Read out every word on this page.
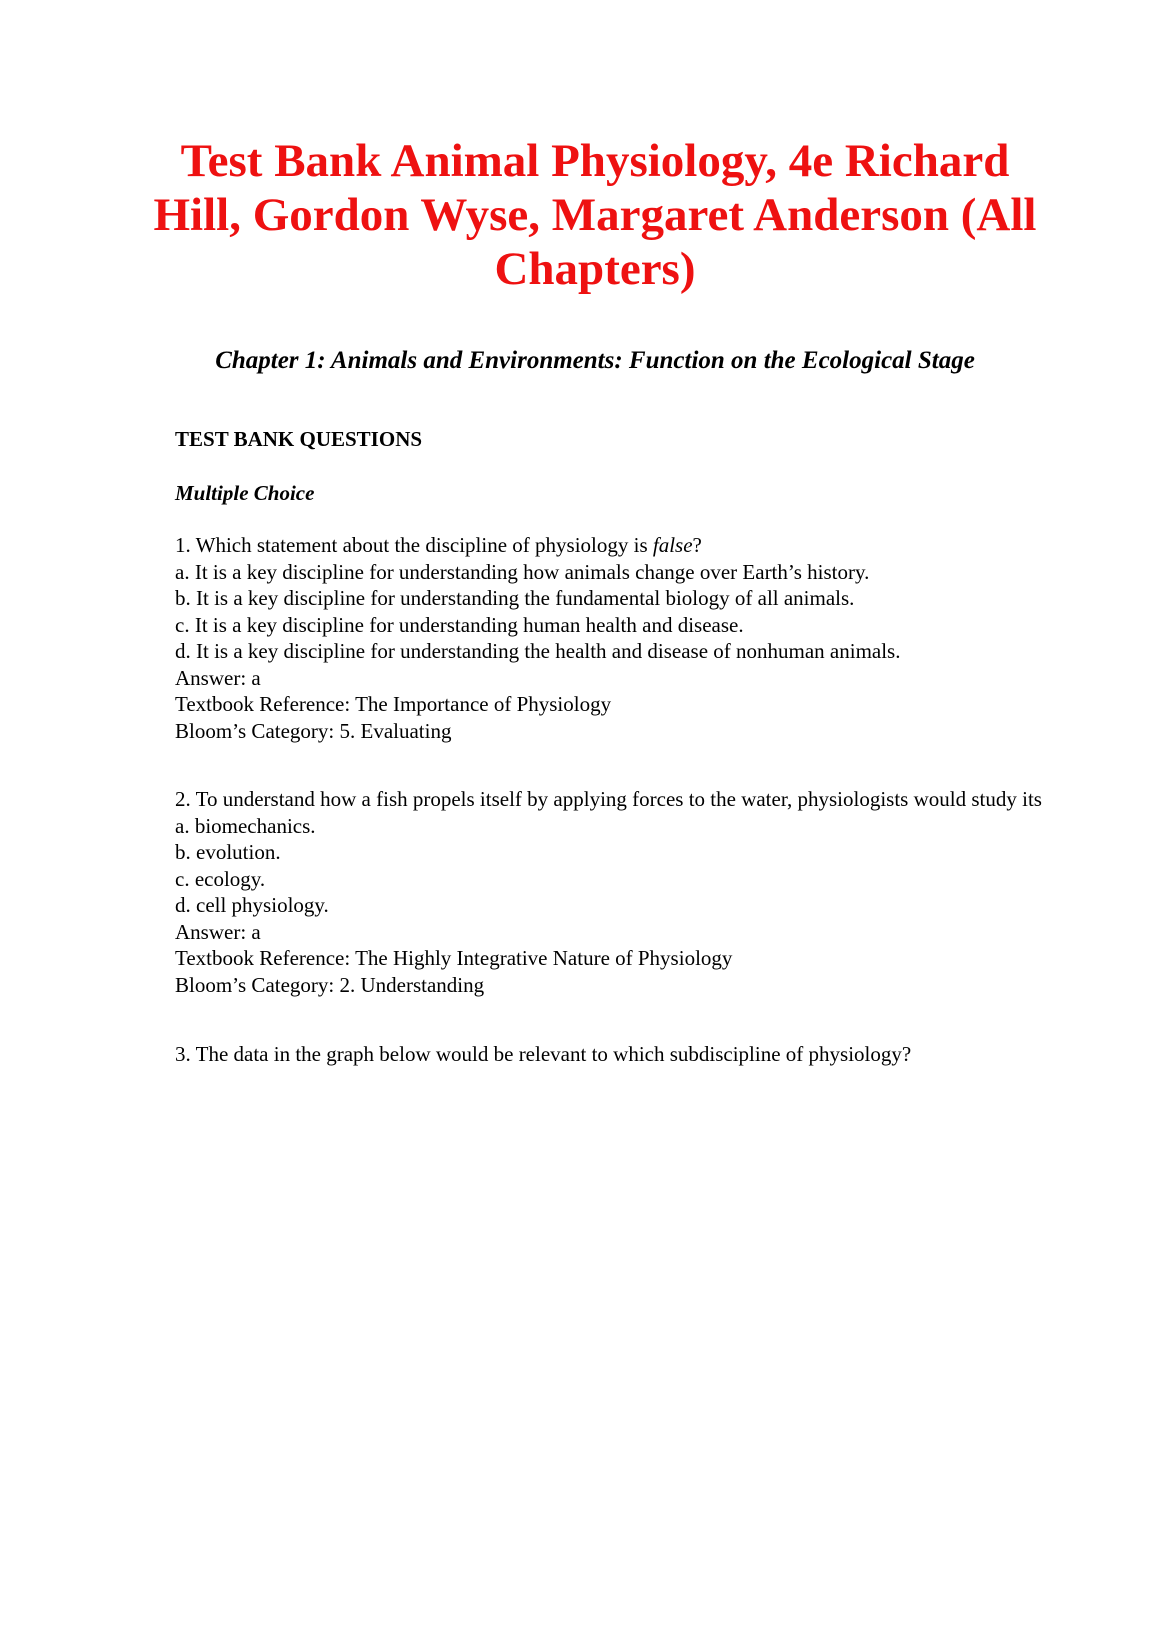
Test Bank Animal Physiology, 4e Richard Hill, Gordon Wyse, Margaret Anderson (All Chapters)
Chapter 1: Animals and Environments: Function on the Ecological Stage
TEST BANK QUESTIONS
Multiple Choice
1. Which statement about the discipline of physiology is false?
a. It is a key discipline for understanding how animals change over Earth’s history.
b. It is a key discipline for understanding the fundamental biology of all animals.
c. It is a key discipline for understanding human health and disease.
d. It is a key discipline for understanding the health and disease of nonhuman animals.
Answer: a
Textbook Reference: The Importance of Physiology
Bloom’s Category: 5. Evaluating
2. To understand how a fish propels itself by applying forces to the water, physiologists would study its
a. biomechanics.
b. evolution.
c. ecology.
d. cell physiology.
Answer: a
Textbook Reference: The Highly Integrative Nature of Physiology
Bloom’s Category: 2. Understanding
3. The data in the graph below would be relevant to which subdiscipline of physiology?
